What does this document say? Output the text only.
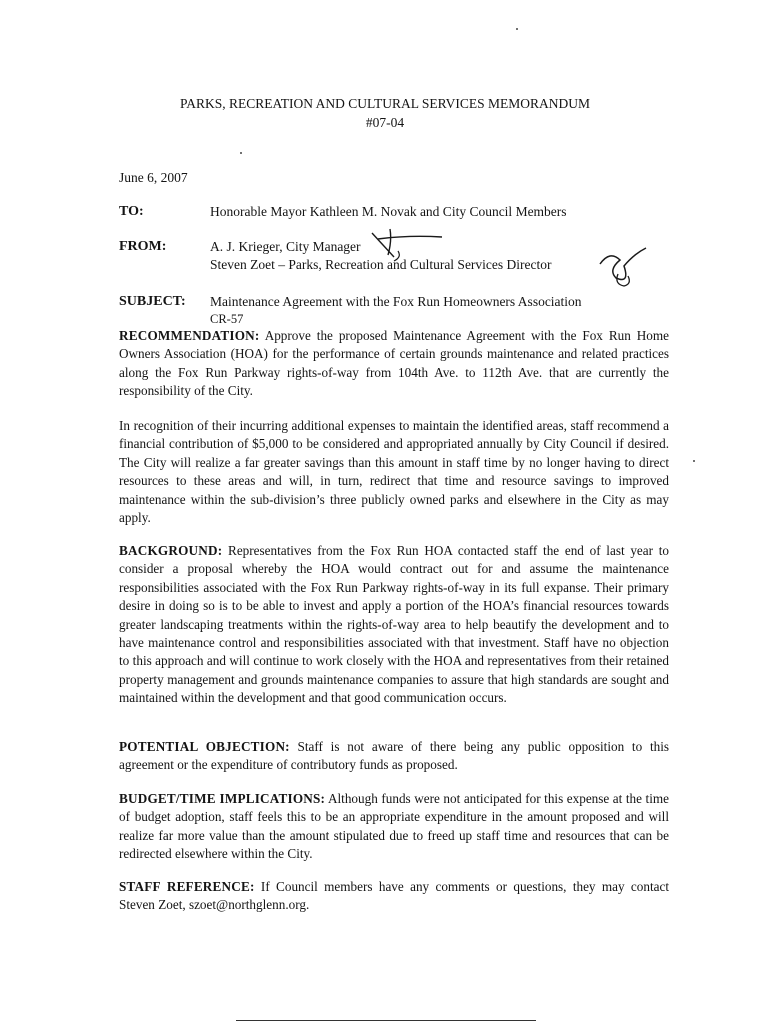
PARKS, RECREATION AND CULTURAL SERVICES MEMORANDUM
#07-04
June 6, 2007
TO:	Honorable Mayor Kathleen M. Novak and City Council Members
FROM:	A. J. Krieger, City Manager
Steven Zoet – Parks, Recreation and Cultural Services Director
SUBJECT: Maintenance Agreement with the Fox Run Homeowners Association
CR-57
RECOMMENDATION: Approve the proposed Maintenance Agreement with the Fox Run Home Owners Association (HOA) for the performance of certain grounds maintenance and related practices along the Fox Run Parkway rights-of-way from 104th Ave. to 112th Ave. that are currently the responsibility of the City.
In recognition of their incurring additional expenses to maintain the identified areas, staff recommend a financial contribution of $5,000 to be considered and appropriated annually by City Council if desired. The City will realize a far greater savings than this amount in staff time by no longer having to direct resources to these areas and will, in turn, redirect that time and resource savings to improved maintenance within the sub-division’s three publicly owned parks and elsewhere in the City as may apply.
BACKGROUND: Representatives from the Fox Run HOA contacted staff the end of last year to consider a proposal whereby the HOA would contract out for and assume the maintenance responsibilities associated with the Fox Run Parkway rights-of-way in its full expanse. Their primary desire in doing so is to be able to invest and apply a portion of the HOA’s financial resources towards greater landscaping treatments within the rights-of-way area to help beautify the development and to have maintenance control and responsibilities associated with that investment. Staff have no objection to this approach and will continue to work closely with the HOA and representatives from their retained property management and grounds maintenance companies to assure that high standards are sought and maintained within the development and that good communication occurs.
POTENTIAL OBJECTION: Staff is not aware of there being any public opposition to this agreement or the expenditure of contributory funds as proposed.
BUDGET/TIME IMPLICATIONS: Although funds were not anticipated for this expense at the time of budget adoption, staff feels this to be an appropriate expenditure in the amount proposed and will realize far more value than the amount stipulated due to freed up staff time and resources that can be redirected elsewhere within the City.
STAFF REFERENCE: If Council members have any comments or questions, they may contact Steven Zoet, szoet@northglenn.org.
